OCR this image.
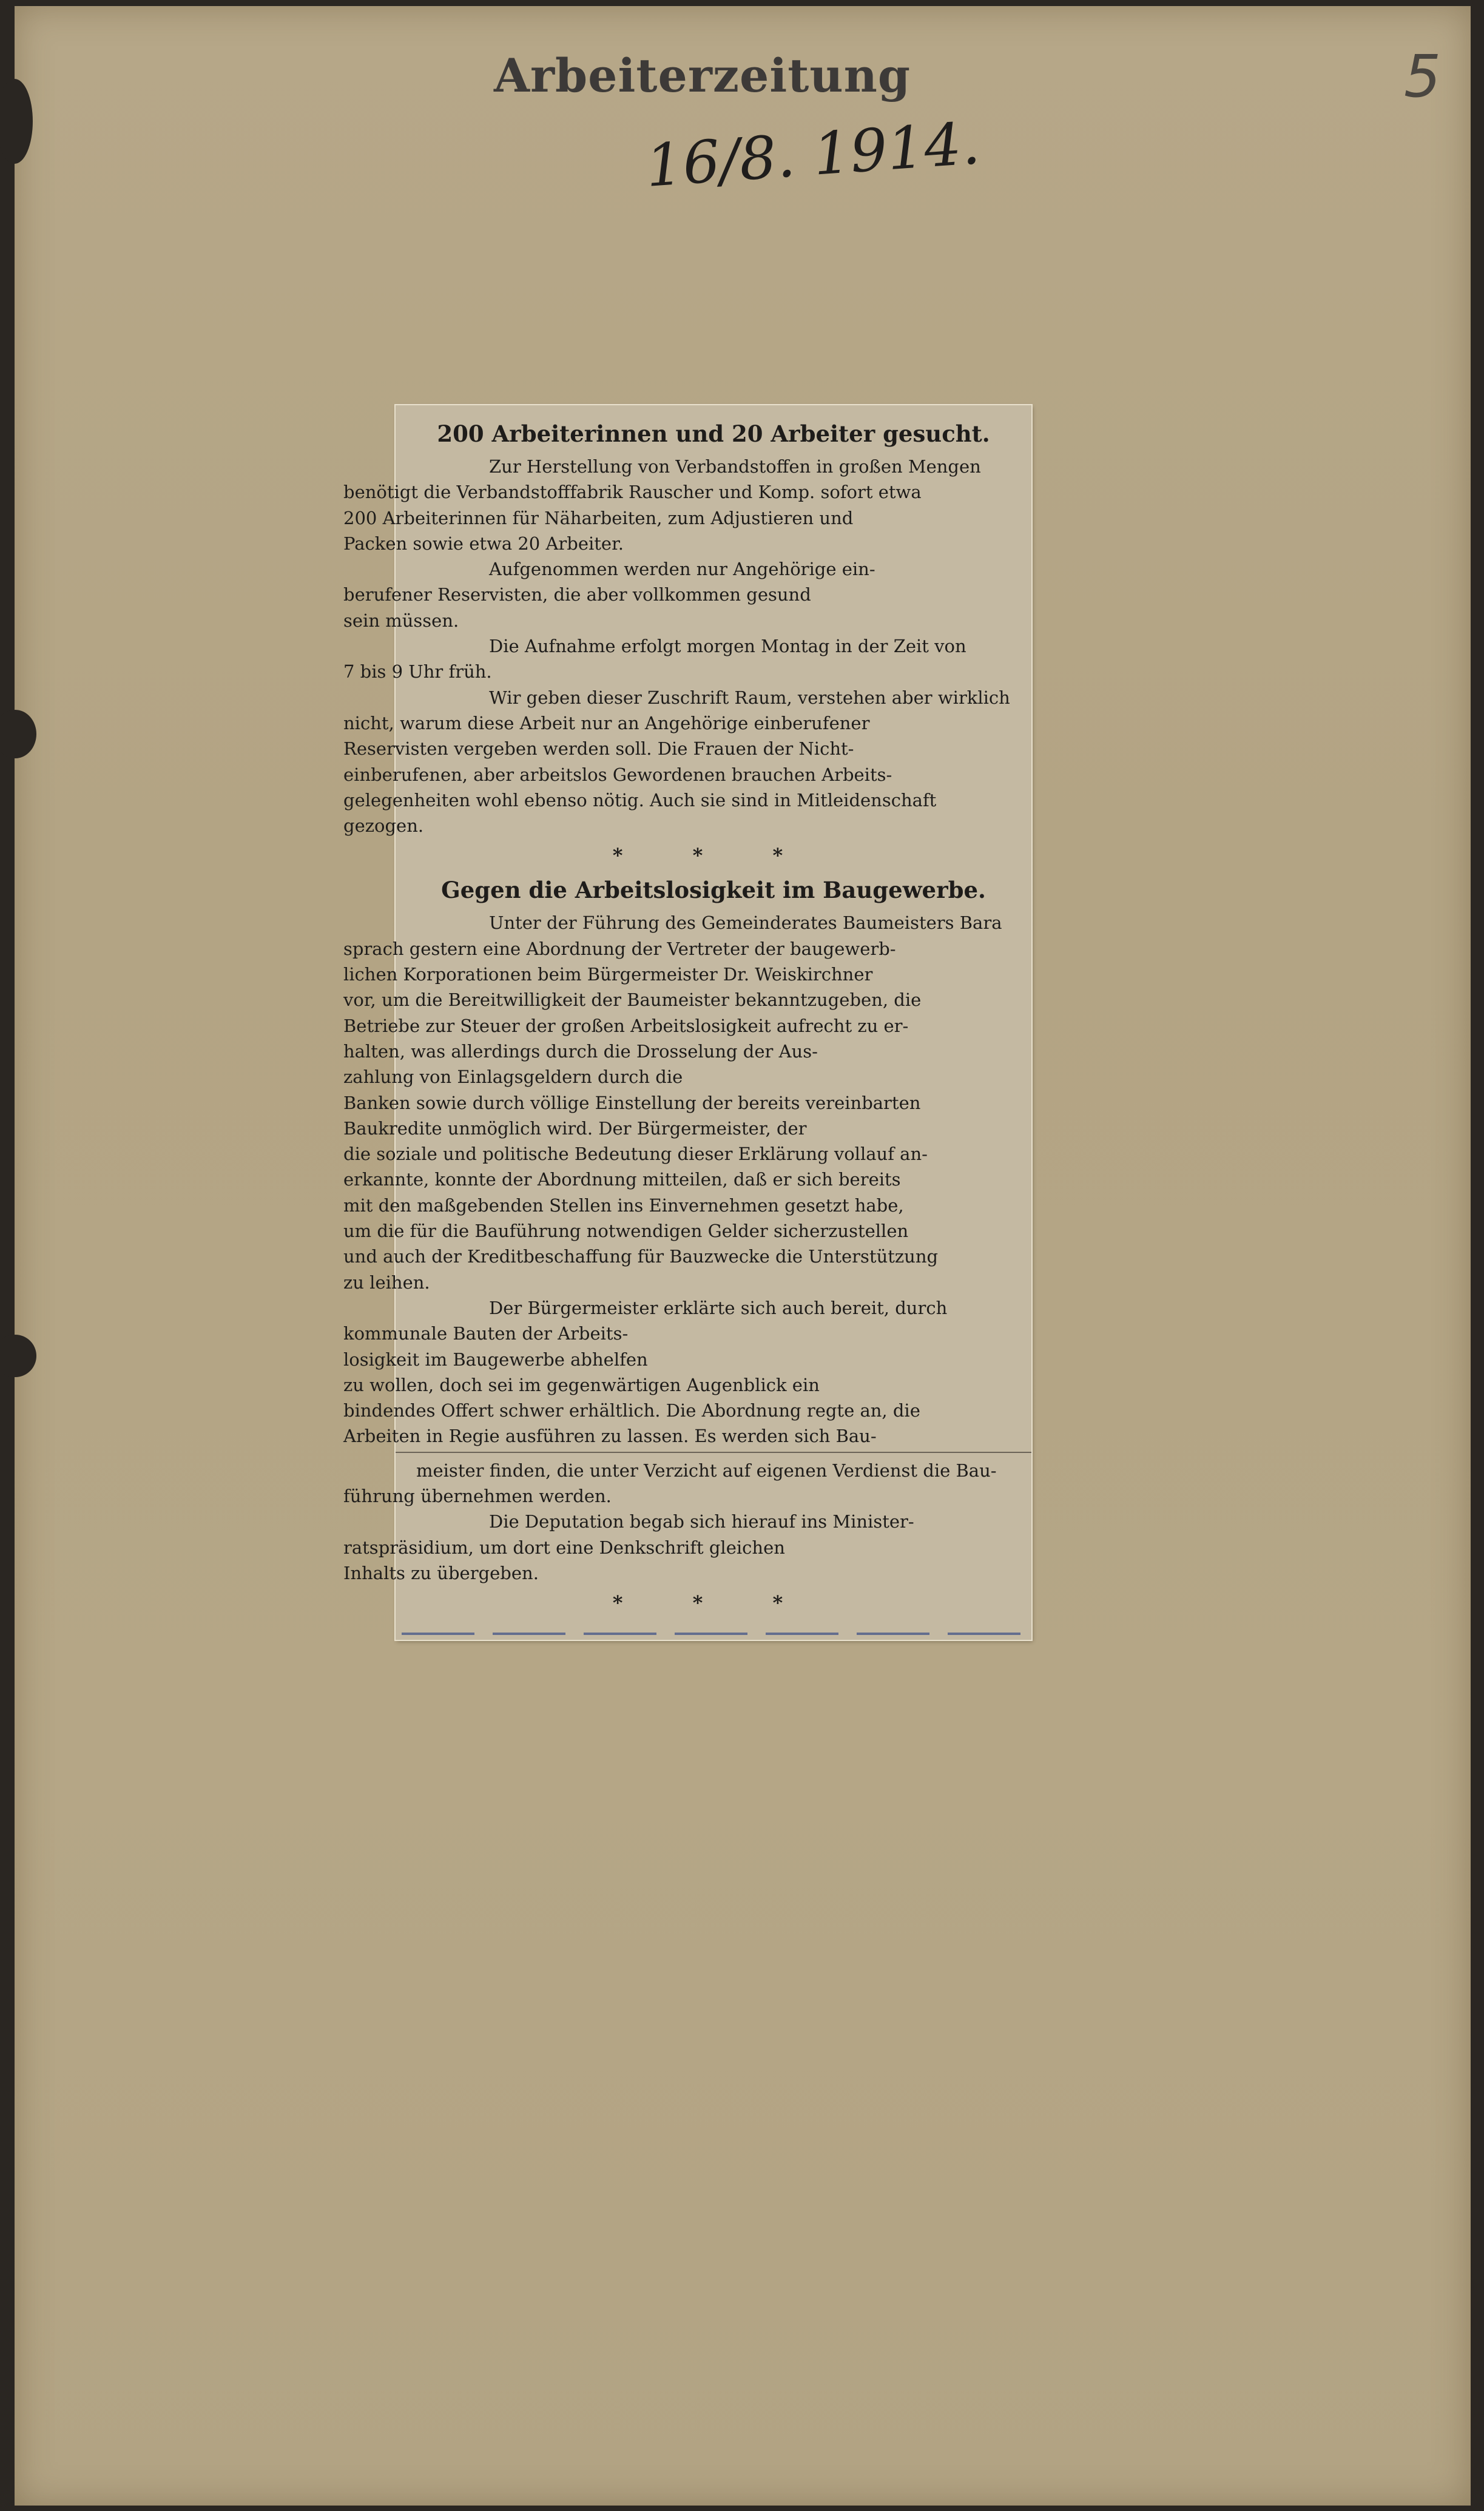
Arbeiterzeitung
16/8. 1914.
5
200 Arbeiterinnen und 20 Arbeiter gesucht.

Zur Herstellung von Verbandstoffen in großen Mengen
benötigt die Verbandstofffabrik Rauscher und Komp. sofort etwa
200 Arbeiterinnen für Näharbeiten, zum Adjustieren und
Packen sowie etwa 20 Arbeiter.

Aufgenommen werden nur Angehörige ein-
berufener Reservisten, die aber vollkommen gesund
sein müssen.

Die Aufnahme erfolgt morgen Montag in der Zeit von
7 bis 9 Uhr früh.

Wir geben dieser Zuschrift Raum, verstehen aber wirklich
nicht, warum diese Arbeit nur an Angehörige einberufener
Reservisten vergeben werden soll. Die Frauen der Nicht-
einberufenen, aber arbeitslos Gewordenen brauchen Arbeits-
gelegenheiten wohl ebenso nötig. Auch sie sind in Mitleidenschaft
gezogen.

* * *
Gegen die Arbeitslosigkeit im Baugewerbe.

Unter der Führung des Gemeinderates Baumeisters Bara
sprach gestern eine Abordnung der Vertreter der baugewerb-
lichen Korporationen beim Bürgermeister Dr. Weiskirchner
vor, um die Bereitwilligkeit der Baumeister bekanntzugeben, die
Betriebe zur Steuer der großen Arbeitslosigkeit aufrecht zu er-
halten, was allerdings durch die Drosselung der Aus-
zahlung von Einlagsgeldern durch die
Banken sowie durch völlige Einstellung der bereits vereinbarten
Baukredite unmöglich wird. Der Bürgermeister, der
die soziale und politische Bedeutung dieser Erklärung vollauf an-
erkannte, konnte der Abordnung mitteilen, daß er sich bereits
mit den maßgebenden Stellen ins Einvernehmen gesetzt habe,
um die für die Bauführung notwendigen Gelder sicherzustellen
und auch der Kreditbeschaffung für Bauzwecke die Unterstützung
zu leihen.

Der Bürgermeister erklärte sich auch bereit, durch
kommunale Bauten der Arbeits-
losigkeit im Baugewerbe abhelfen
zu wollen, doch sei im gegenwärtigen Augenblick ein
bindendes Offert schwer erhältlich. Die Abordnung regte an, die
Arbeiten in Regie ausführen zu lassen. Es werden sich Bau-

meister finden, die unter Verzicht auf eigenen Verdienst die Bau-
führung übernehmen werden.

Die Deputation begab sich hierauf ins Minister-
ratspräsidium, um dort eine Denkschrift gleichen
Inhalts zu übergeben.

* * *
